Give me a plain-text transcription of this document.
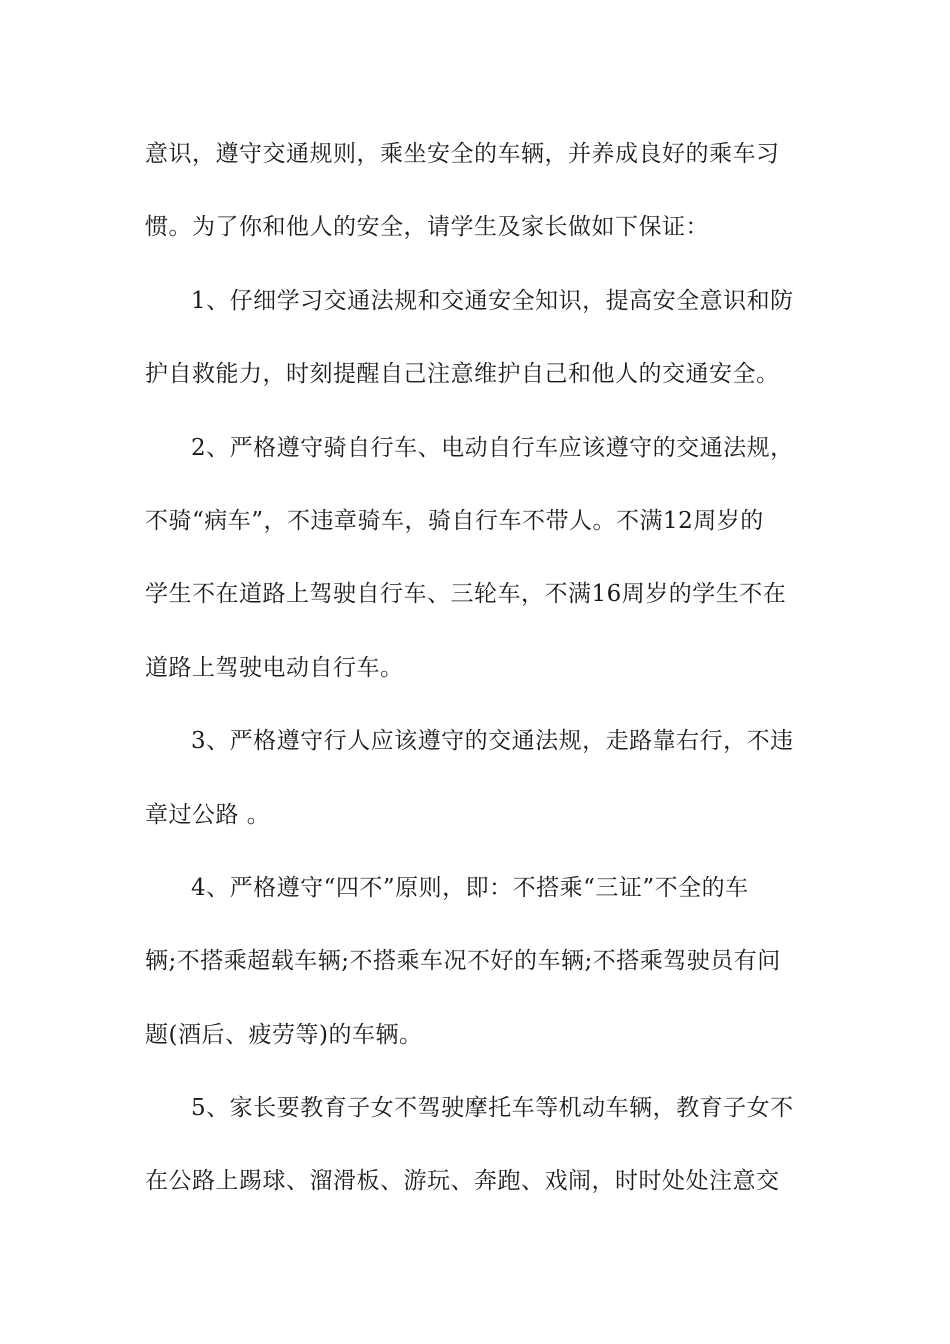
意识，遵守交通规则，乘坐安全的车辆，并养成良好的乘车习
惯。为了你和他人的安全，请学生及家长做如下保证：
1、仔细学习交通法规和交通安全知识，提高安全意识和防
护自救能力，时刻提醒自己注意维护自己和他人的交通安全。
2、严格遵守骑自行车、电动自行车应该遵守的交通法规，
不骑“病车”，不违章骑车，骑自行车不带人。不满12周岁的
学生不在道路上驾驶自行车、三轮车，不满16周岁的学生不在
道路上驾驶电动自行车。
3、严格遵守行人应该遵守的交通法规，走路靠右行，不违
章过公路 。
4、严格遵守“四不”原则，即：不搭乘“三证”不全的车
辆;不搭乘超载车辆;不搭乘车况不好的车辆;不搭乘驾驶员有问
题(酒后、疲劳等)的车辆。
5、家长要教育子女不驾驶摩托车等机动车辆，教育子女不
在公路上踢球、溜滑板、游玩、奔跑、戏闹，时时处处注意交
